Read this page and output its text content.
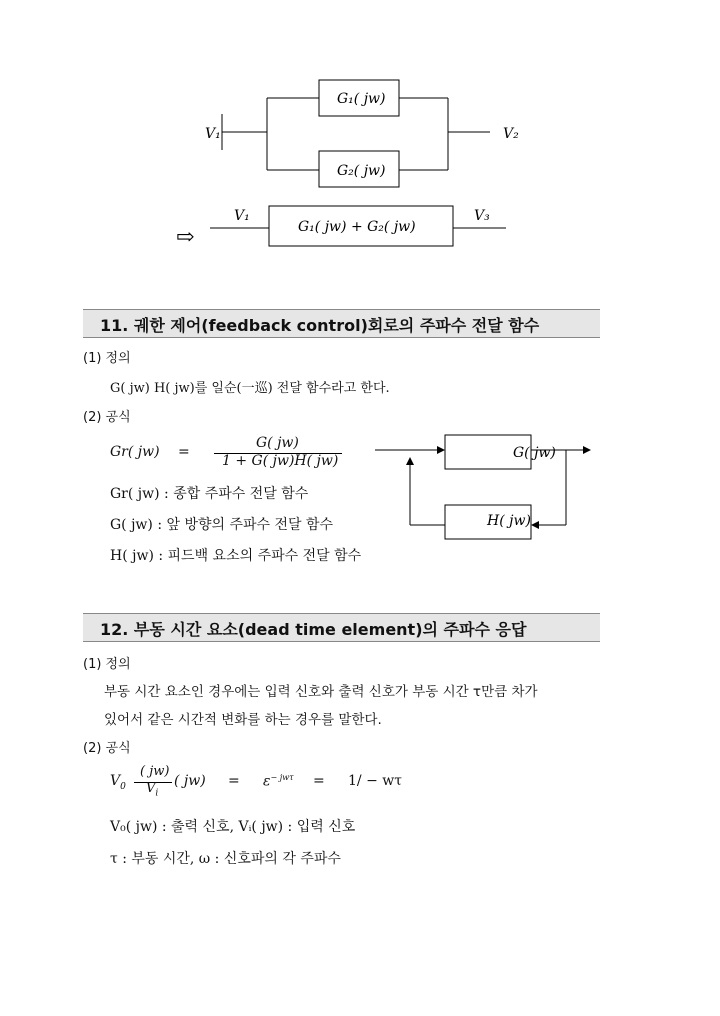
G₁( jw)
G₂( jw)
V₁	V₂
⇨
V₁	V₃
G₁( jw) + G₂( jw)
11. 궤한 제어(feedback control)회로의 주파수 전달 함수
(1) 정의
G( jw) H( jw)를 일순(一巡) 전달 함수라고 한다.
(2) 공식
Gr( jw) =
G( jw)
1 + G( jw)H( jw)
Gr( jw) : 종합 주파수 전달 함수
G( jw) : 앞 방향의 주파수 전달 함수
H( jw) : 피드백 요소의 주파수 전달 함수
G( jw)
H( jw)
12. 부동 시간 요소(dead time element)의 주파수 응답
(1) 정의
부동 시간 요소인 경우에는 입력 신호와 출력 신호가 부동 시간 τ만큼 차가
있어서 같은 시간적 변화를 하는 경우를 말한다.
(2) 공식
$V_0$
( jw)
$V_i$
( $jw) = \varepsilon^{- jw\tau} = 1/ - w\tau$
V₀( jw) : 출력 신호, Vᵢ( jw) : 입력 신호
τ : 부동 시간, ω : 신호파의 각 주파수
